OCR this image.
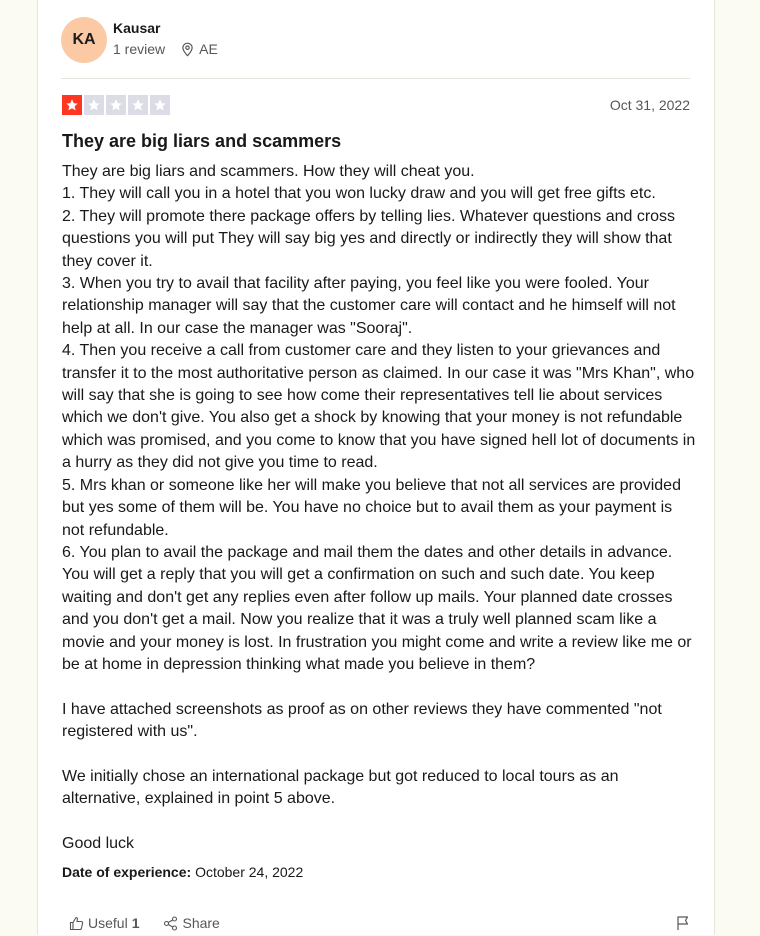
KA
Kausar
1 review AE
Oct 31, 2022
They are big liars and scammers

They are big liars and scammers. How they will cheat you.

1. They will call you in a hotel that you won lucky draw and you will get free gifts etc.

2. They will promote there package offers by telling lies. Whatever questions and cross questions you will put They will say big yes and directly or indirectly they will show that they cover it.

3. When you try to avail that facility after paying, you feel like you were fooled. Your relationship manager will say that the customer care will contact and he himself will not help at all. In our case the manager was "Sooraj".

4. Then you receive a call from customer care and they listen to your grievances and transfer it to the most authoritative person as claimed. In our case it was "Mrs Khan", who will say that she is going to see how come their representatives tell lie about services which we don't give. You also get a shock by knowing that your money is not refundable which was promised, and you come to know that you have signed hell lot of documents in a hurry as they did not give you time to read.

5. Mrs khan or someone like her will make you believe that not all services are provided but yes some of them will be. You have no choice but to avail them as your payment is not refundable.

6. You plan to avail the package and mail them the dates and other details in advance. You will get a reply that you will get a confirmation on such and such date. You keep waiting and don't get any replies even after follow up mails. Your planned date crosses and you don't get a mail. Now you realize that it was a truly well planned scam like a movie and your money is lost. In frustration you might come and write a review like me or be at home in depression thinking what made you believe in them?

I have attached screenshots as proof as on other reviews they have commented "not registered with us".

We initially chose an international package but got reduced to local tours as an alternative, explained in point 5 above.

Good luck

Date of experience: October 24, 2022
Useful 1	Share
